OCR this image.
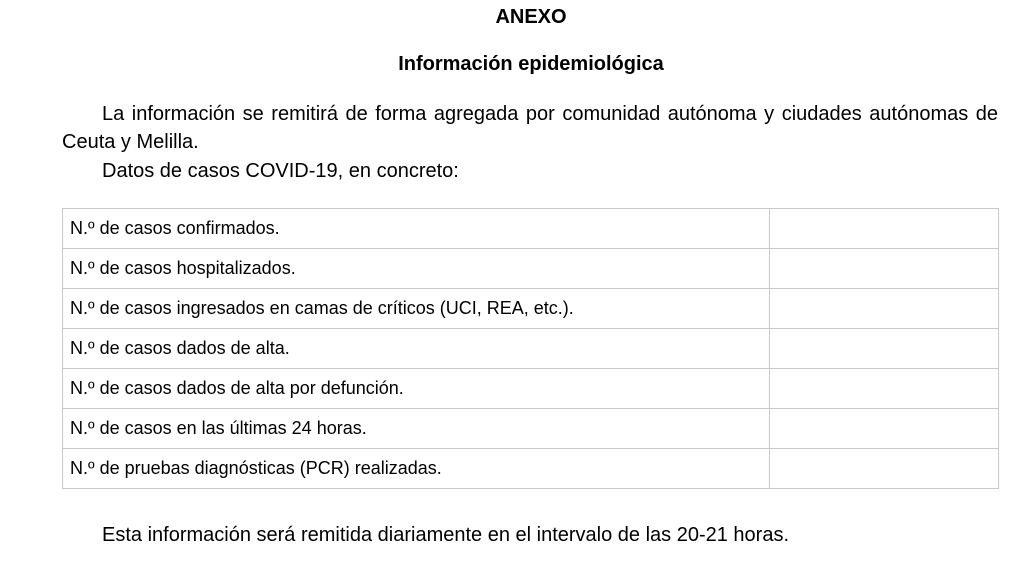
ANEXO
Información epidemiológica

La información se remitirá de forma agregada por comunidad autónoma y ciudades autónomas de Ceuta y Melilla.

Datos de casos COVID-19, en concreto:

N.º de casos confirmados.	
N.º de casos hospitalizados.	
N.º de casos ingresados en camas de críticos (UCI, REA, etc.).	
N.º de casos dados de alta.	
N.º de casos dados de alta por defunción.	
N.º de casos en las últimas 24 horas.	
N.º de pruebas diagnósticas (PCR) realizadas.	

Esta información será remitida diariamente en el intervalo de las 20-21 horas.
